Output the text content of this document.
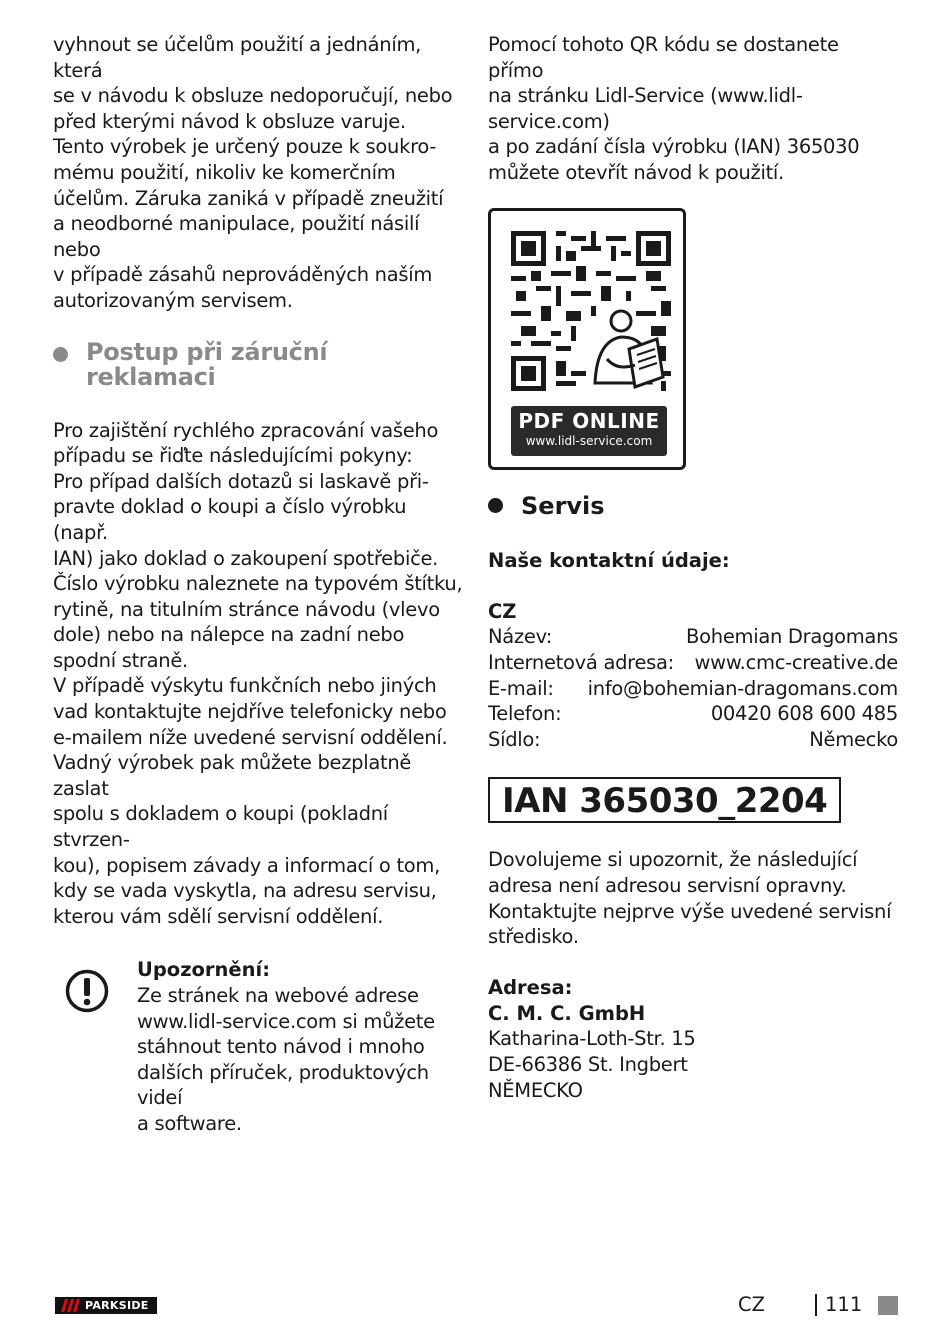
vyhnout se účelům použití a jednáním, která
se v návodu k obsluze nedoporučují, nebo
před kterými návod k obsluze varuje.
Tento výrobek je určený pouze k soukro-
mému použití, nikoliv ke komerčním
účelům. Záruka zaniká v případě zneužití
a neodborné manipulace, použití násilí nebo
v případě zásahů neprováděných naším
autorizovaným servisem.

Postup při záruční
reklamaci

Pro zajištění rychlého zpracování vašeho
případu se řiďte následujícími pokyny:
Pro případ dalších dotazů si laskavě při-
pravte doklad o koupi a číslo výrobku (např.
IAN) jako doklad o zakoupení spotřebiče.
Číslo výrobku naleznete na typovém štítku,
rytině, na titulním stránce návodu (vlevo
dole) nebo na nálepce na zadní nebo
spodní straně.
V případě výskytu funkčních nebo jiných
vad kontaktujte nejdříve telefonicky nebo
e-mailem níže uvedené servisní oddělení.
Vadný výrobek pak můžete bezplatně zaslat
spolu s dokladem o koupi (pokladní stvrzen-
kou), popisem závady a informací o tom,
kdy se vada vyskytla, na adresu servisu,
kterou vám sdělí servisní oddělení.

Upozornění:

Ze stránek na webové adrese
www.lidl-service.com si můžete
stáhnout tento návod i mnoho
dalších příruček, produktových videí
a software.

Pomocí tohoto QR kódu se dostanete přímo
na stránku Lidl-Service (www.lidl-service.com)
a po zadání čísla výrobku (IAN) 365030
můžete otevřít návod k použití.

PDF ONLINE
www.lidl-service.com
Servis

Naše kontaktní údaje:

CZ

Název:	Bohemian Dragomans
Internetová adresa: www.cmc-creative.de
E-mail: info@bohemian-dragomans.com
Telefon:	00420 608 600 485
Sídlo:	Německo
IAN 365030_2204

Dovolujeme si upozornit, že následující
adresa není adresou servisní opravny.
Kontaktujte nejprve výše uvedené servisní
středisko.

Adresa:

C. M. C. GmbH

Katharina-Loth-Str. 15
DE-66386 St. Ingbert
NĚMECKO

PARKSIDE	CZ	111
